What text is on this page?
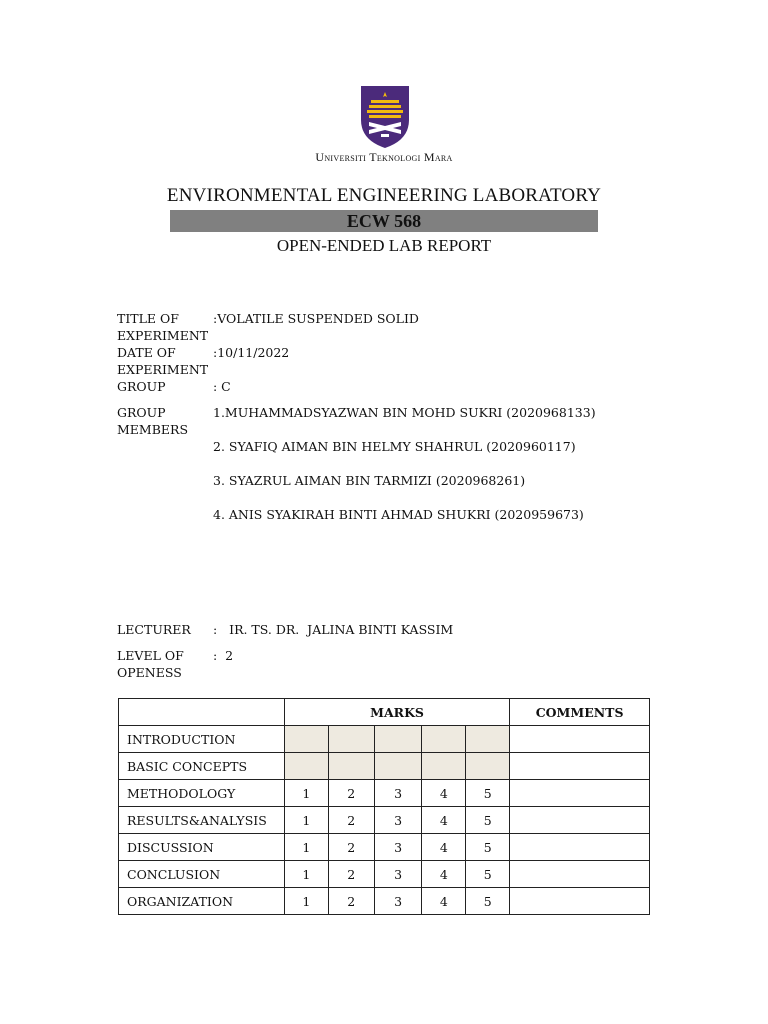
Universiti Teknologi Mara
ENVIRONMENTAL ENGINEERING LABORATORY
ECW 568
OPEN-ENDED LAB REPORT
TITLE OF EXPERIMENT
:VOLATILE SUSPENDED SOLID
DATE OF EXPERIMENT
:10/11/2022
GROUP	: C
GROUP MEMBERS
1.MUHAMMADSYAZWAN BIN MOHD SUKRI (2020968133)
2. SYAFIQ AIMAN BIN HELMY SHAHRUL (2020960117)
3. SYAZRUL AIMAN BIN TARMIZI (2020968261)
4. ANIS SYAKIRAH BINTI AHMAD SHUKRI (2020959673)
LECTURER :   IR. TS. DR.  JALINA BINTI KASSIM
LEVEL OF OPENESS
:  2
	MARKS					COMMENTS
INTRODUCTION						
BASIC CONCEPTS						
METHODOLOGY	1	2	3	4	5	
RESULTS&ANALYSIS	1	2	3	4	5	
DISCUSSION	1	2	3	4	5	
CONCLUSION	1	2	3	4	5	
ORGANIZATION	1	2	3	4	5	
